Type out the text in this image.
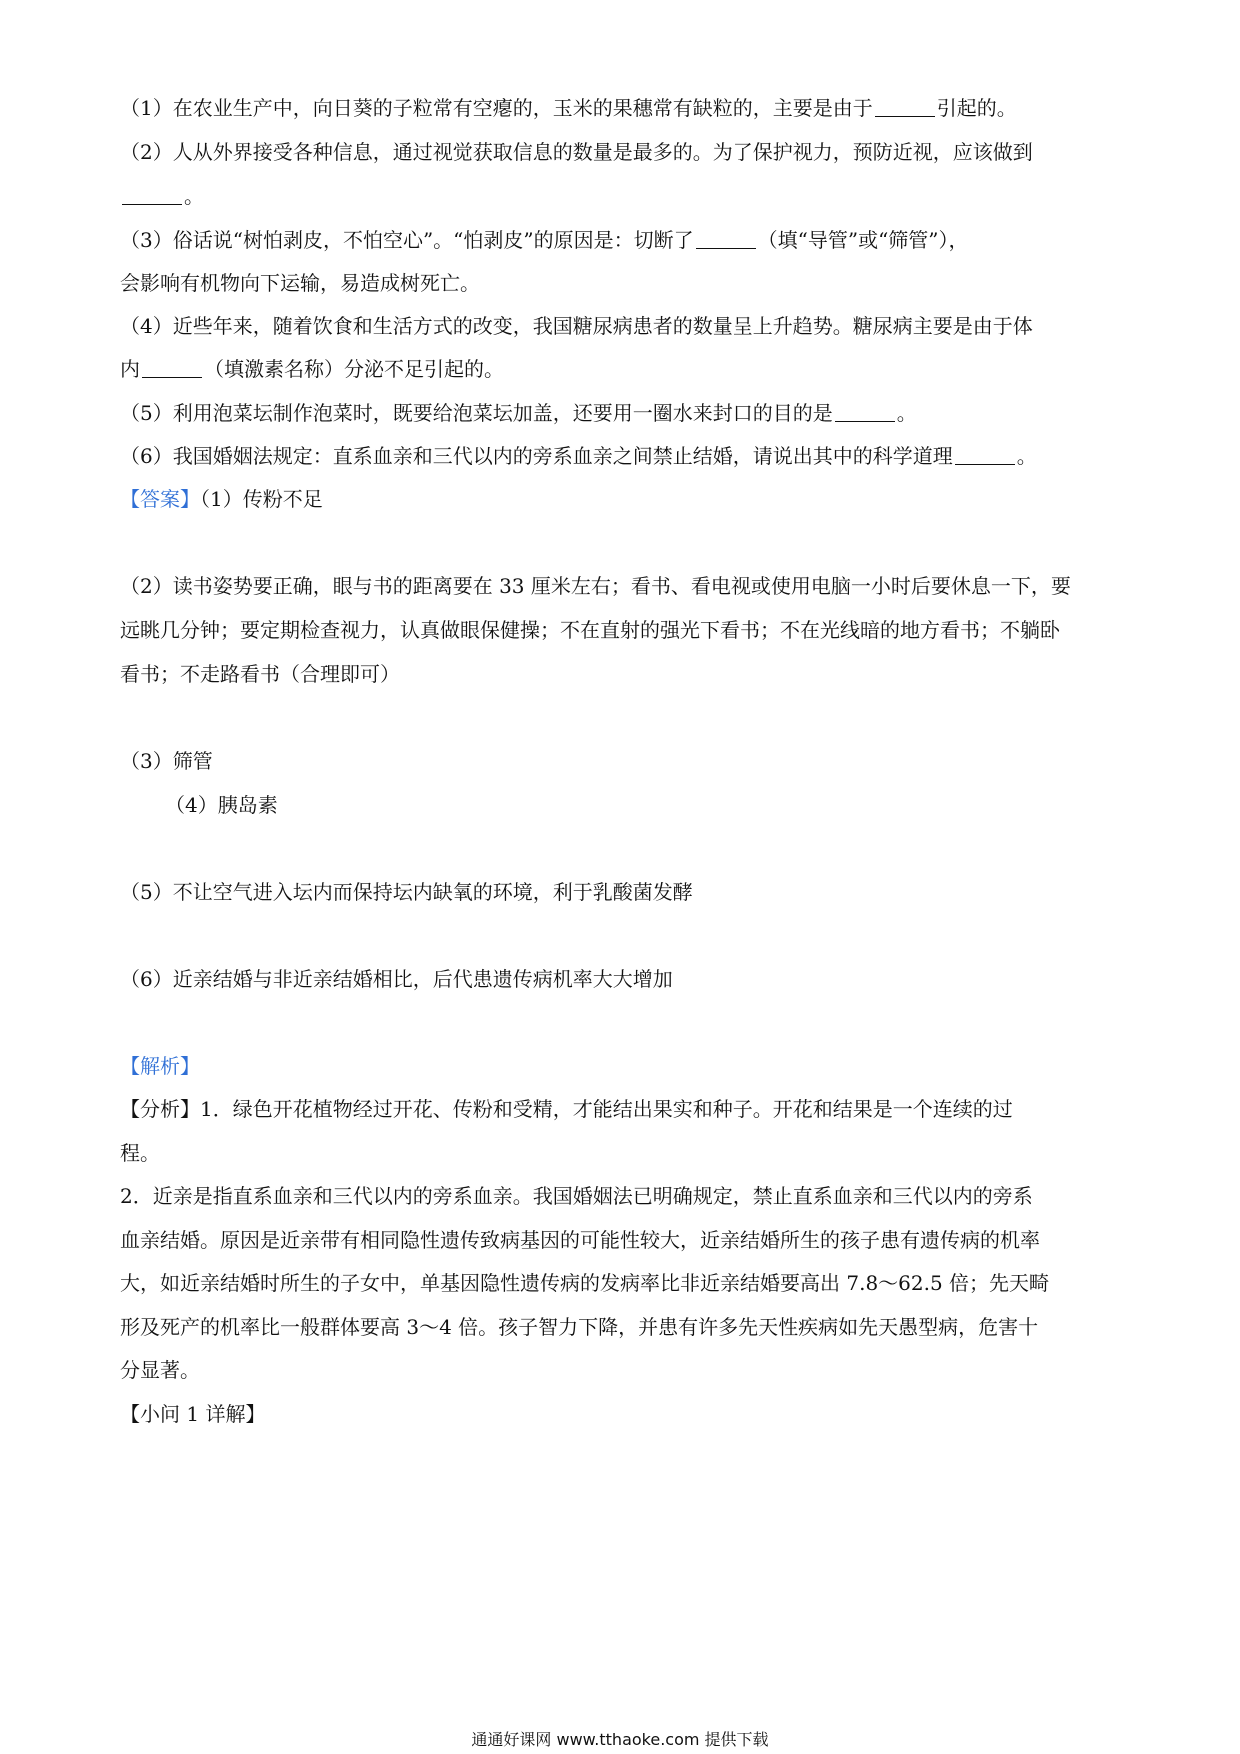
（1）在农业生产中，向日葵的子粒常有空瘪的，玉米的果穗常有缺粒的，主要是由于	引起的。
（2）人从外界接受各种信息，通过视觉获取信息的数量是最多的。为了保护视力，预防近视，应该做到
。
（3）俗话说“树怕剥皮，不怕空心”。“怕剥皮”的原因是：切断了	（填“导管”或“筛管”），
会影响有机物向下运输，易造成树死亡。
（4）近些年来，随着饮食和生活方式的改变，我国糖尿病患者的数量呈上升趋势。糖尿病主要是由于体
内	（填激素名称）分泌不足引起的。
（5）利用泡菜坛制作泡菜时，既要给泡菜坛加盖，还要用一圈水来封口的目的是	。
（6）我国婚姻法规定：直系血亲和三代以内的旁系血亲之间禁止结婚，请说出其中的科学道理	。
【答案】（1）传粉不足
（2）读书姿势要正确，眼与书的距离要在 33 厘米左右；看书、看电视或使用电脑一小时后要休息一下，要
远眺几分钟；要定期检查视力，认真做眼保健操；不在直射的强光下看书；不在光线暗的地方看书；不躺卧
看书；不走路看书（合理即可）
（3）筛管
（4）胰岛素
（5）不让空气进入坛内而保持坛内缺氧的环境，利于乳酸菌发酵
（6）近亲结婚与非近亲结婚相比，后代患遗传病机率大大增加
【解析】
【分析】1．绿色开花植物经过开花、传粉和受精，才能结出果实和种子。开花和结果是一个连续的过
程。
2．近亲是指直系血亲和三代以内的旁系血亲。我国婚姻法已明确规定，禁止直系血亲和三代以内的旁系
血亲结婚。原因是近亲带有相同隐性遗传致病基因的可能性较大，近亲结婚所生的孩子患有遗传病的机率
大，如近亲结婚时所生的子女中，单基因隐性遗传病的发病率比非近亲结婚要高出 7.8～62.5 倍；先天畸
形及死产的机率比一般群体要高 3～4 倍。孩子智力下降，并患有许多先天性疾病如先天愚型病，危害十
分显著。
【小问 1 详解】
通通好课网 www.tthaoke.com 提供下载
